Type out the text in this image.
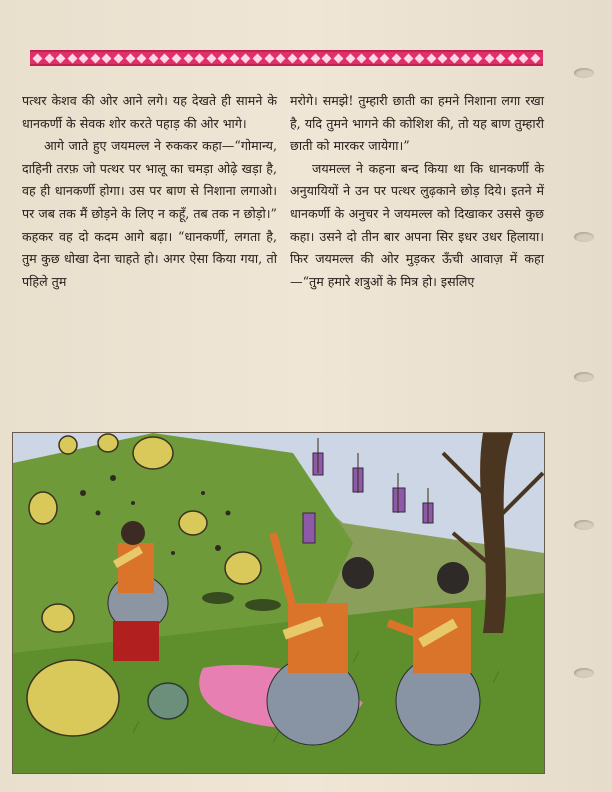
पत्थर केशव की ओर आने लगे। यह देखते ही सामने के धानकर्णी के सेवक शोर करते पहाड़ की ओर भागे।

आगे जाते हुए जयमल्ल ने रुककर कहा—“गोमान्य, दाहिनी तरफ़ जो पत्थर पर भालू का चमड़ा ओढ़े खड़ा है, वह ही धानकर्णी होगा। उस पर बाण से निशाना लगाओ। पर जब तक मैं छोड़ने के लिए न कहूँ, तब तक न छोड़ो।” कहकर वह दो कदम आगे बढ़ा। “धानकर्णी, लगता है, तुम कुछ धोखा देना चाहते हो। अगर ऐसा किया गया, तो पहिले तुम

मरोगे। समझे! तुम्हारी छाती का हमने निशाना लगा रखा है, यदि तुमने भागने की कोशिश की, तो यह बाण तुम्हारी छाती को मारकर जायेगा।”

जयमल्ल ने कहना बन्द किया था कि धानकर्णी के अनुयायियों ने उन पर पत्थर लुढ़काने छोड़ दिये। इतने में धानकर्णी के अनुचर ने जयमल्ल को दिखाकर उससे कुछ कहा। उसने दो तीन बार अपना सिर इधर उधर हिलाया। फिर जयमल्ल की ओर मुड़कर ऊँची आवाज़ में कहा—“तुम हमारे शत्रुओं के मित्र हो। इसलिए
